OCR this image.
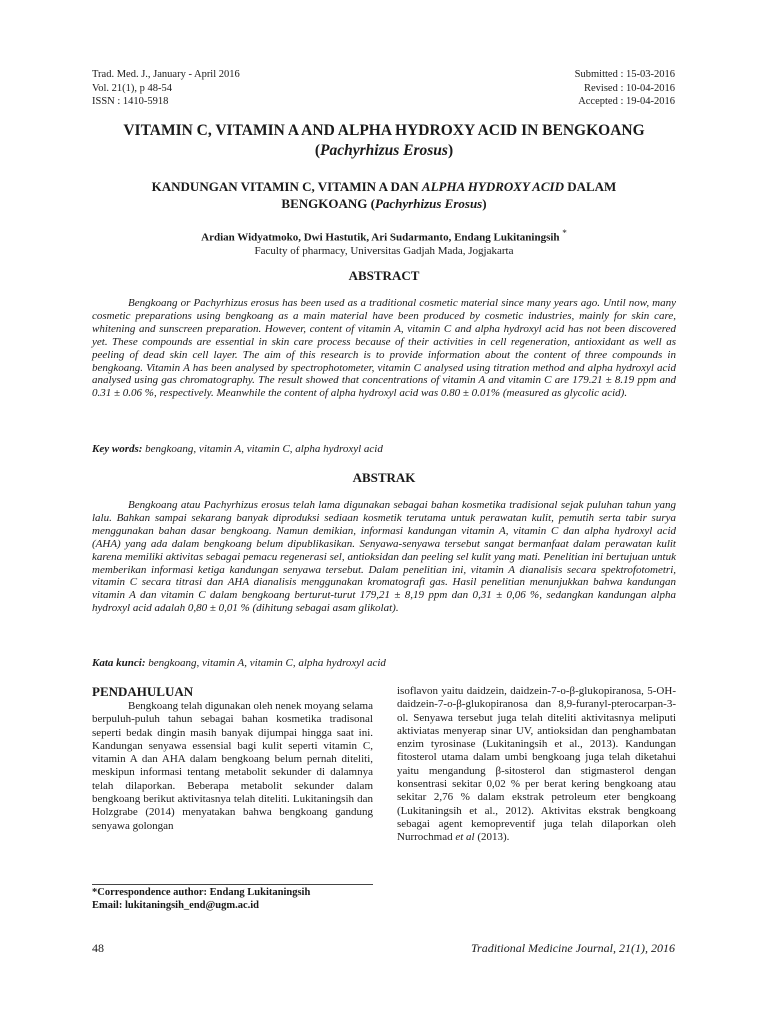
Trad. Med. J., January - April 2016
Vol. 21(1), p 48-54
ISSN : 1410-5918
Submitted : 15-03-2016
Revised : 10-04-2016
Accepted : 19-04-2016
VITAMIN C, VITAMIN A AND ALPHA HYDROXY ACID IN BENGKOANG
(Pachyrhizus Erosus)
KANDUNGAN VITAMIN C, VITAMIN A DAN ALPHA HYDROXY ACID DALAM
BENGKOANG (Pachyrhizus Erosus)
Ardian Widyatmoko, Dwi Hastutik, Ari Sudarmanto, Endang Lukitaningsih *
Faculty of pharmacy, Universitas Gadjah Mada, Jogjakarta
ABSTRACT

Bengkoang or Pachyrhizus erosus has been used as a traditional cosmetic material since many years ago. Until now, many cosmetic preparations using bengkoang as a main material have been produced by cosmetic industries, mainly for skin care, whitening and sunscreen preparation. However, content of vitamin A, vitamin C and alpha hydroxyl acid has not been discovered yet. These compounds are essential in skin care process because of their activities in cell regeneration, antioxidant as well as peeling of dead skin cell layer. The aim of this research is to provide information about the content of three compounds in bengkoang. Vitamin A has been analysed by spectrophotometer, vitamin C analysed using titration method and alpha hydroxyl acid analysed using gas chromatography. The result showed that concentrations of vitamin A and vitamin C are 179.21 ± 8.19 ppm and 0.31 ± 0.06 %, respectively. Meanwhile the content of alpha hydroxyl acid was 0.80 ± 0.01% (measured as glycolic acid).

Key words: bengkoang, vitamin A, vitamin C, alpha hydroxyl acid
ABSTRAK

Bengkoang atau Pachyrhizus erosus telah lama digunakan sebagai bahan kosmetika tradisional sejak puluhan tahun yang lalu. Bahkan sampai sekarang banyak diproduksi sediaan kosmetik terutama untuk perawatan kulit, pemutih serta tabir surya menggunakan bahan dasar bengkoang. Namun demikian, informasi kandungan vitamin A, vitamin C dan alpha hydroxyl acid (AHA) yang ada dalam bengkoang belum dipublikasikan. Senyawa-senyawa tersebut sangat bermanfaat dalam perawatan kulit karena memiliki aktivitas sebagai pemacu regenerasi sel, antioksidan dan peeling sel kulit yang mati. Penelitian ini bertujuan untuk memberikan informasi ketiga kandungan senyawa tersebut. Dalam penelitian ini, vitamin A dianalisis secara spektrofotometri, vitamin C secara titrasi dan AHA dianalisis menggunakan kromatografi gas. Hasil penelitian menunjukkan bahwa kandungan vitamin A dan vitamin C dalam bengkoang berturut-turut 179,21 ± 8,19 ppm dan 0,31 ± 0,06 %, sedangkan kandungan alpha hydroxyl acid adalah 0,80 ± 0,01 % (dihitung sebagai asam glikolat).

Kata kunci: bengkoang, vitamin A, vitamin C, alpha hydroxyl acid
PENDAHULUAN

Bengkoang telah digunakan oleh nenek moyang selama berpuluh-puluh tahun sebagai bahan kosmetika tradisonal seperti bedak dingin masih banyak dijumpai hingga saat ini. Kandungan senyawa essensial bagi kulit seperti vitamin C, vitamin A dan AHA dalam bengkoang belum pernah diteliti, meskipun informasi tentang metabolit sekunder di dalamnya telah dilaporkan. Beberapa metabolit sekunder dalam bengkoang berikut aktivitasnya telah diteliti. Lukitaningsih dan Holzgrabe (2014) menyatakan bahwa bengkoang gandung senyawa golongan

isoflavon yaitu daidzein, daidzein-7-o-β-glukopiranosa, 5-OH-daidzein-7-o-β-glukopiranosa dan 8,9-furanyl-pterocarpan-3-ol. Senyawa tersebut juga telah diteliti aktivitasnya meliputi aktiviatas menyerap sinar UV, antioksidan dan penghambatan enzim tyrosinase (Lukitaningsih et al., 2013). Kandungan fitosterol utama dalam umbi bengkoang juga telah diketahui yaitu mengandung β-sitosterol dan stigmasterol dengan konsentrasi sekitar 0,02 % per berat kering bengkoang atau sekitar 2,76 % dalam ekstrak petroleum eter bengkoang (Lukitaningsih et al., 2012). Aktivitas ekstrak bengkoang sebagai agent kemopreventif juga telah dilaporkan oleh Nurrochmad et al (2013).

*Correspondence author: Endang Lukitaningsih
Email: lukitaningsih_end@ugm.ac.id
48	Traditional Medicine Journal, 21(1), 2016
